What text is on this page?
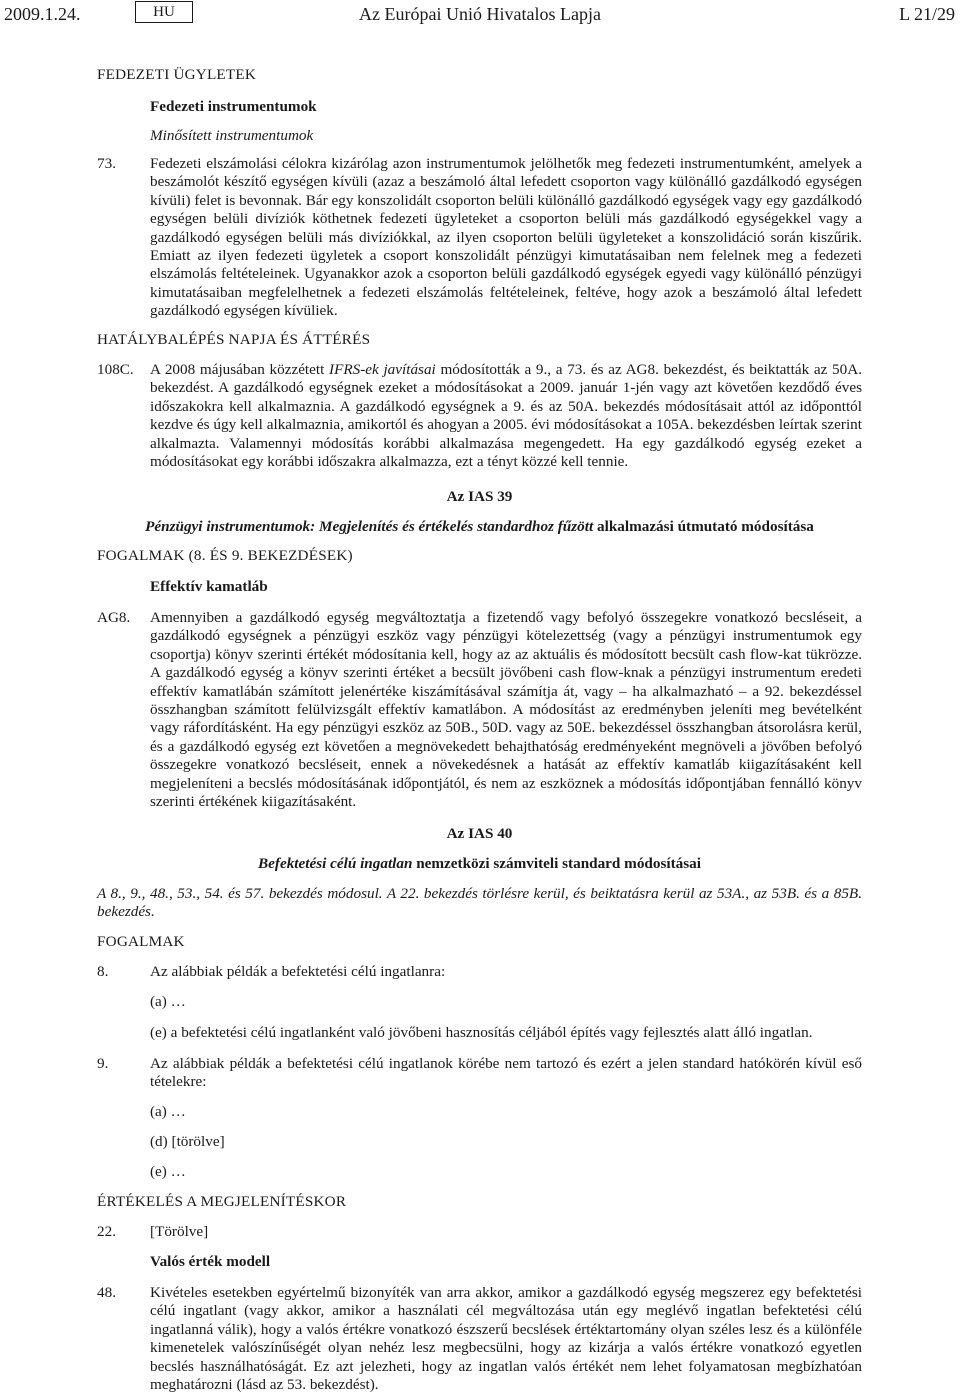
Az Európai Unió Hivatalos Lapja
2009.1.24.	HU	L 21/29
FEDEZETI ÜGYLETEK
Fedezeti instrumentumok
Minősített instrumentumok
73. Fedezeti elszámolási célokra kizárólag azon instrumentumok jelölhetők meg fedezeti instrumentumként, amelyek a beszámolót készítő egységen kívüli (azaz a beszámoló által lefedett csoporton vagy különálló gazdálkodó egységen kívüli) felet is bevonnak. Bár egy konszolidált csoporton belüli különálló gazdálkodó egységek vagy egy gazdálkodó egységen belüli divíziók köthetnek fedezeti ügyleteket a csoporton belüli más gazdálkodó egységekkel vagy a gazdálkodó egységen belüli más divíziókkal, az ilyen csoporton belüli ügyleteket a konszolidáció során kiszűrik. Emiatt az ilyen fedezeti ügyletek a csoport konszolidált pénzügyi kimutatásaiban nem felelnek meg a fedezeti elszámolás feltételeinek. Ugyanakkor azok a csoporton belüli gazdálkodó egységek egyedi vagy különálló pénzügyi kimutatásaiban megfelelhetnek a fedezeti elszámolás feltételeinek, feltéve, hogy azok a beszámoló által lefedett gazdálkodó egységen kívüliek.
HATÁLYBALÉPÉS NAPJA ÉS ÁTTÉRÉS
108C. A 2008 májusában közzétett IFRS-ek javításai módosították a 9., a 73. és az AG8. bekezdést, és beiktatták az 50A. bekezdést. A gazdálkodó egységnek ezeket a módosításokat a 2009. január 1-jén vagy azt követően kezdődő éves időszakokra kell alkalmaznia. A gazdálkodó egységnek a 9. és az 50A. bekezdés módosításait attól az időponttól kezdve és úgy kell alkalmaznia, amikortól és ahogyan a 2005. évi módosításokat a 105A. bekezdésben leírtak szerint alkalmazta. Valamennyi módosítás korábbi alkalmazása megengedett. Ha egy gazdálkodó egység ezeket a módosításokat egy korábbi időszakra alkalmazza, ezt a tényt közzé kell tennie.
Az IAS 39
Pénzügyi instrumentumok: Megjelenítés és értékelés standardhoz fűzött alkalmazási útmutató módosítása
FOGALMAK (8. ÉS 9. BEKEZDÉSEK)
Effektív kamatláb
AG8. Amennyiben a gazdálkodó egység megváltoztatja a fizetendő vagy befolyó összegekre vonatkozó becsléseit, a gazdálkodó egységnek a pénzügyi eszköz vagy pénzügyi kötelezettség (vagy a pénzügyi instrumentumok egy csoportja) könyv szerinti értékét módosítania kell, hogy az az aktuális és módosított becsült cash flow-kat tükrözze. A gazdálkodó egység a könyv szerinti értéket a becsült jövőbeni cash flow-knak a pénzügyi instrumentum eredeti effektív kamatlábán számított jelenértéke kiszámításával számítja át, vagy – ha alkalmazható – a 92. bekezdéssel összhangban számított felülvizsgált effektív kamatlábon. A módosítást az eredményben jeleníti meg bevételként vagy ráfordításként. Ha egy pénzügyi eszköz az 50B., 50D. vagy az 50E. bekezdéssel összhangban átsorolásra kerül, és a gazdálkodó egység ezt követően a megnövekedett behajthatóság eredményeként megnöveli a jövőben befolyó összegekre vonatkozó becsléseit, ennek a növekedésnek a hatását az effektív kamatláb kiigazításaként kell megjeleníteni a becslés módosításának időpontjától, és nem az eszköznek a módosítás időpontjában fennálló könyv szerinti értékének kiigazításaként.
Az IAS 40
Befektetési célú ingatlan nemzetközi számviteli standard módosításai
A 8., 9., 48., 53., 54. és 57. bekezdés módosul. A 22. bekezdés törlésre kerül, és beiktatásra kerül az 53A., az 53B. és a 85B. bekezdés.
FOGALMAK
8.	Az alábbiak példák a befektetési célú ingatlanra:
(a) …
(e) a befektetési célú ingatlanként való jövőbeni hasznosítás céljából építés vagy fejlesztés alatt álló ingatlan.
9.	Az alábbiak példák a befektetési célú ingatlanok körébe nem tartozó és ezért a jelen standard hatókörén kívül eső tételekre:
(a) …
(d) [törölve]
(e) …
ÉRTÉKELÉS A MEGJELENÍTÉSKOR
22. [Törölve]
Valós érték modell
48. Kivételes esetekben egyértelmű bizonyíték van arra akkor, amikor a gazdálkodó egység megszerez egy befektetési célú ingatlant (vagy akkor, amikor a használati cél megváltozása után egy meglévő ingatlan befektetési célú ingatlanná válik), hogy a valós értékre vonatkozó észszerű becslések értéktartomány olyan széles lesz és a különféle kimenetelek valószínűségét olyan nehéz lesz megbecsülni, hogy az kizárja a valós értékre vonatkozó egyetlen becslés használhatóságát. Ez azt jelezheti, hogy az ingatlan valós értékét nem lehet folyamatosan megbízhatóan meghatározni (lásd az 53. bekezdést).
